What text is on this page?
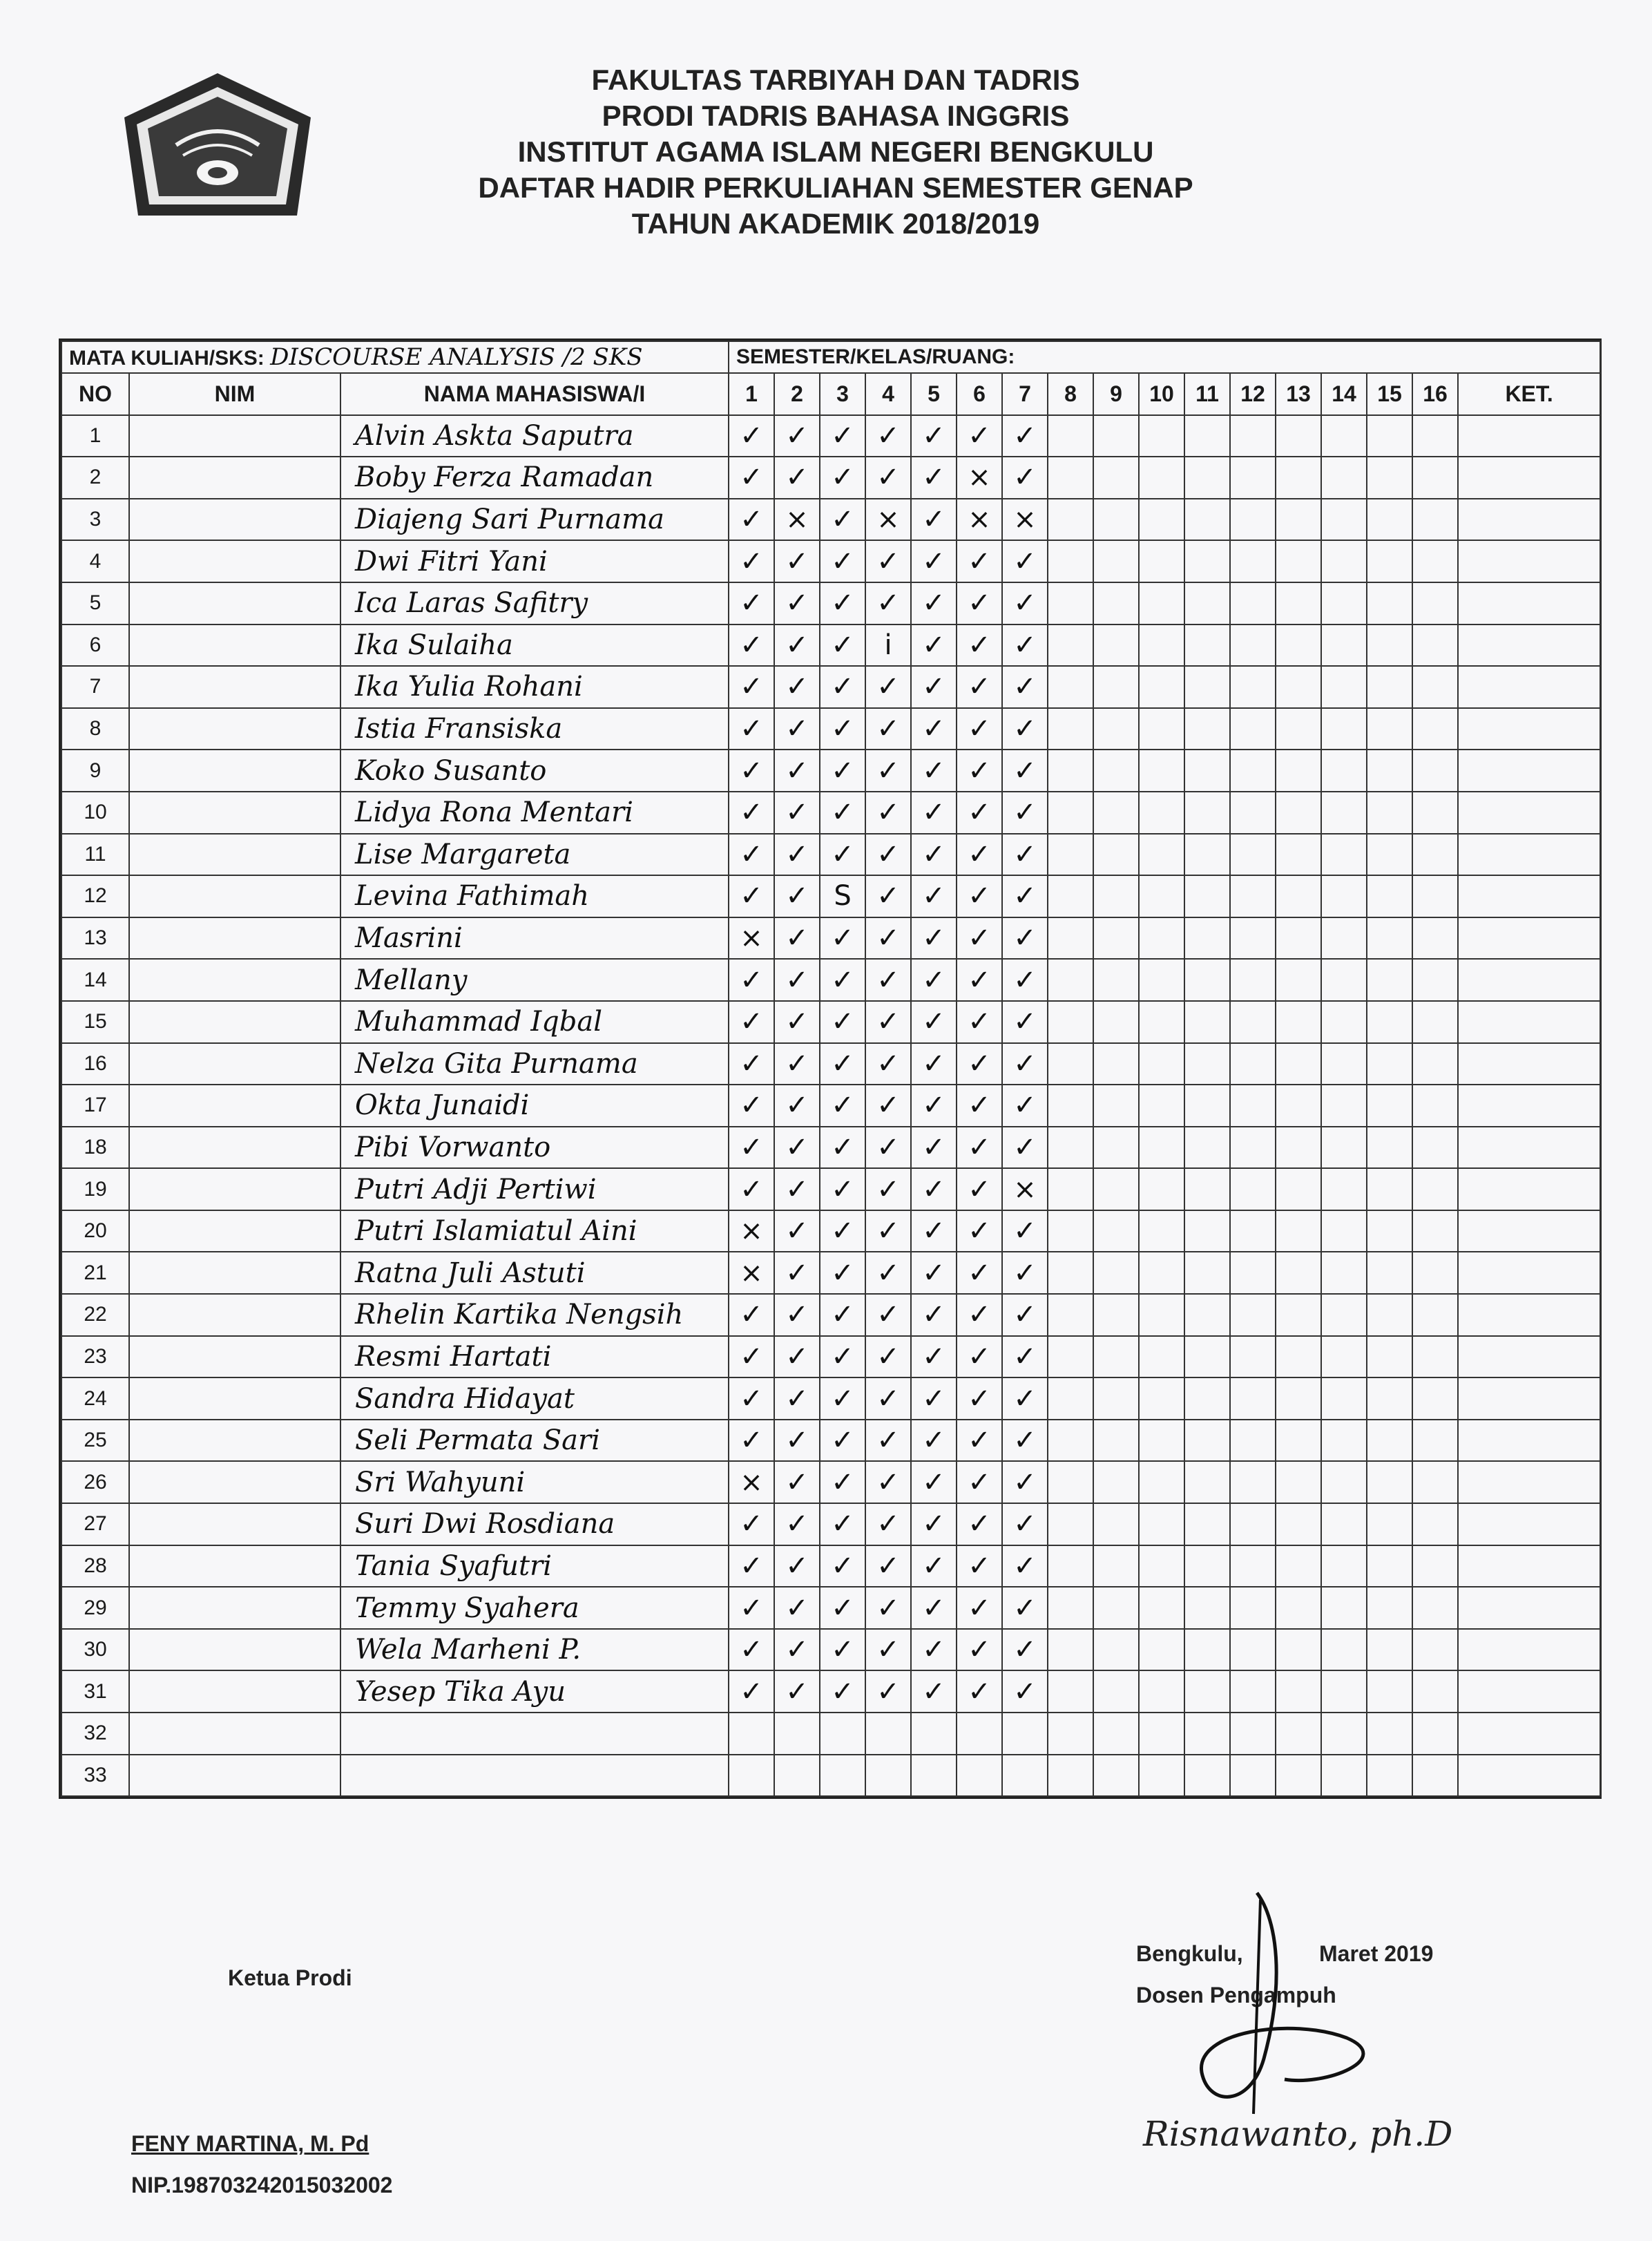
FAKULTAS TARBIYAH DAN TADRIS
PRODI TADRIS BAHASA INGGRIS
INSTITUT AGAMA ISLAM NEGERI BENGKULU
DAFTAR HADIR PERKULIAHAN SEMESTER GENAP
TAHUN AKADEMIK 2018/2019
MATA KULIAH/SKS: DISCOURSE ANALYSIS /2 SKS			SEMESTER/KELAS/RUANG:																
NO	NIM	NAMA MAHASISWA/I	1	2	3	4	5	6	7	8	9	10	11	12	13	14	15	16	KET.
1		Alvin Askta Saputra	✓	✓	✓	✓	✓	✓	✓										
2		Boby Ferza Ramadan	✓	✓	✓	✓	✓	×	✓										
3		Diajeng Sari Purnama	✓	×	✓	×	✓	×	×										
4		Dwi Fitri Yani	✓	✓	✓	✓	✓	✓	✓										
5		Ica Laras Safitry	✓	✓	✓	✓	✓	✓	✓										
6		Ika Sulaiha	✓	✓	✓	i	✓	✓	✓										
7		Ika Yulia Rohani	✓	✓	✓	✓	✓	✓	✓										
8		Istia Fransiska	✓	✓	✓	✓	✓	✓	✓										
9		Koko Susanto	✓	✓	✓	✓	✓	✓	✓										
10		Lidya Rona Mentari	✓	✓	✓	✓	✓	✓	✓										
11		Lise Margareta	✓	✓	✓	✓	✓	✓	✓										
12		Levina Fathimah	✓	✓	S	✓	✓	✓	✓										
13		Masrini	×	✓	✓	✓	✓	✓	✓										
14		Mellany	✓	✓	✓	✓	✓	✓	✓										
15		Muhammad Iqbal	✓	✓	✓	✓	✓	✓	✓										
16		Nelza Gita Purnama	✓	✓	✓	✓	✓	✓	✓										
17		Okta Junaidi	✓	✓	✓	✓	✓	✓	✓										
18		Pibi Vorwanto	✓	✓	✓	✓	✓	✓	✓										
19		Putri Adji Pertiwi	✓	✓	✓	✓	✓	✓	×										
20		Putri Islamiatul Aini	×	✓	✓	✓	✓	✓	✓										
21		Ratna Juli Astuti	×	✓	✓	✓	✓	✓	✓										
22		Rhelin Kartika Nengsih	✓	✓	✓	✓	✓	✓	✓										
23		Resmi Hartati	✓	✓	✓	✓	✓	✓	✓										
24		Sandra Hidayat	✓	✓	✓	✓	✓	✓	✓										
25		Seli Permata Sari	✓	✓	✓	✓	✓	✓	✓										
26		Sri Wahyuni	×	✓	✓	✓	✓	✓	✓										
27		Suri Dwi Rosdiana	✓	✓	✓	✓	✓	✓	✓										
28		Tania Syafutri	✓	✓	✓	✓	✓	✓	✓										
29		Temmy Syahera	✓	✓	✓	✓	✓	✓	✓										
30		Wela Marheni P.	✓	✓	✓	✓	✓	✓	✓										
31		Yesep Tika Ayu	✓	✓	✓	✓	✓	✓	✓										
32																			
33																			
Ketua Prodi
FENY MARTINA, M. Pd
NIP.198703242015032002
Bengkulu,	Maret 2019
Dosen Pengampuh
Risnawanto, ph.D
